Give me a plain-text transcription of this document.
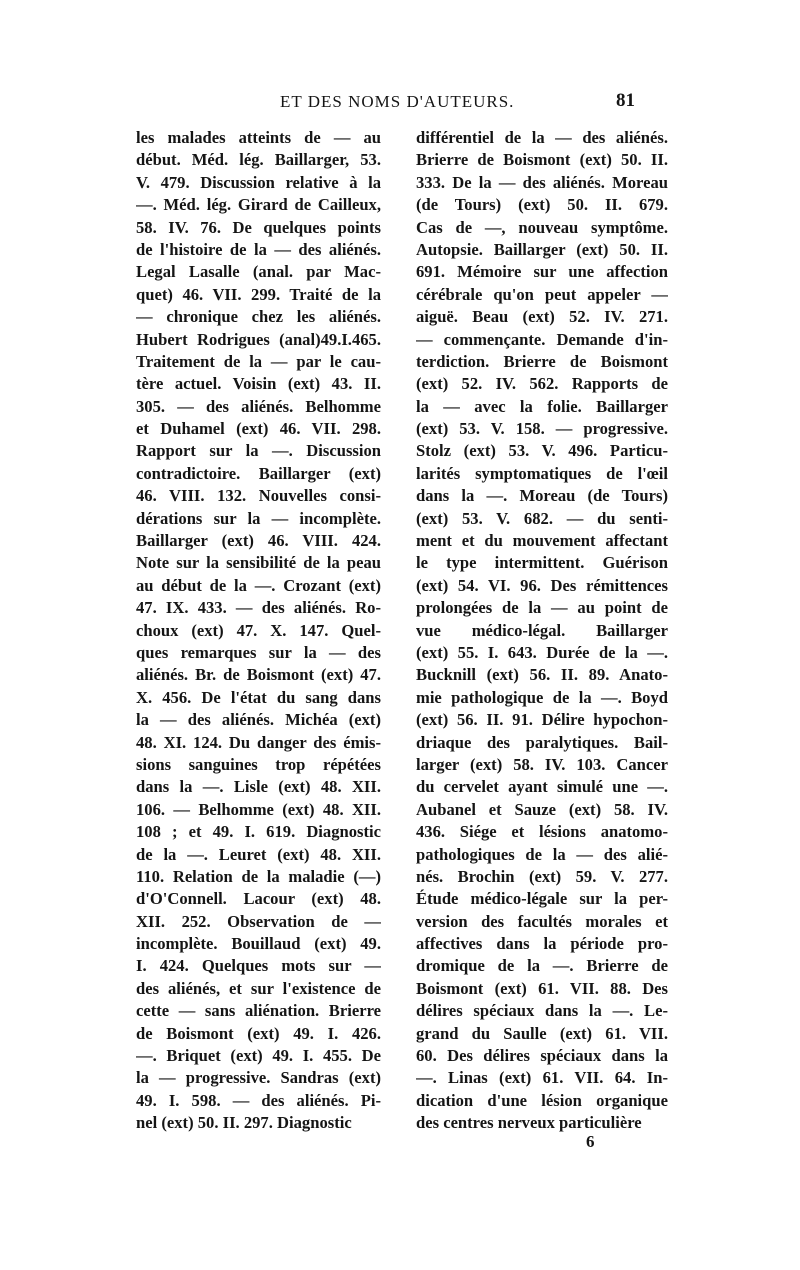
ET DES NOMS D'AUTEURS.	81
les malades atteints de — au
début. Méd. lég. Baillarger, 53.
V. 479. Discussion relative à la
—. Méd. lég. Girard de Cailleux,
58. IV. 76. De quelques points
de l'histoire de la — des aliénés.
Legal Lasalle (anal. par Mac-
quet) 46. VII. 299. Traité de la
— chronique chez les aliénés.
Hubert Rodrigues (anal)49.I.465.
Traitement de la — par le cau-
tère actuel. Voisin (ext) 43. II.
305. — des aliénés. Belhomme
et Duhamel (ext) 46. VII. 298.
Rapport sur la —. Discussion
contradictoire. Baillarger (ext)
46. VIII. 132. Nouvelles consi-
dérations sur la — incomplète.
Baillarger (ext) 46. VIII. 424.
Note sur la sensibilité de la peau
au début de la —. Crozant (ext)
47. IX. 433. — des aliénés. Ro-
choux (ext) 47. X. 147. Quel-
ques remarques sur la — des
aliénés. Br. de Boismont (ext) 47.
X. 456. De l'état du sang dans
la — des aliénés. Michéa (ext)
48. XI. 124. Du danger des émis-
sions sanguines trop répétées
dans la —. Lisle (ext) 48. XII.
106. — Belhomme (ext) 48. XII.
108 ; et 49. I. 619. Diagnostic
de la —. Leuret (ext) 48. XII.
110. Relation de la maladie (—)
d'O'Connell. Lacour (ext) 48.
XII. 252. Observation de —
incomplète. Bouillaud (ext) 49.
I. 424. Quelques mots sur —
des aliénés, et sur l'existence de
cette — sans aliénation. Brierre
de Boismont (ext) 49. I. 426.
—. Briquet (ext) 49. I. 455. De
la — progressive. Sandras (ext)
49. I. 598. — des aliénés. Pi-
nel (ext) 50. II. 297. Diagnostic
différentiel de la — des aliénés.
Brierre de Boismont (ext) 50. II.
333. De la — des aliénés. Moreau
(de Tours) (ext) 50. II. 679.
Cas de —, nouveau symptôme.
Autopsie. Baillarger (ext) 50. II.
691. Mémoire sur une affection
cérébrale qu'on peut appeler —
aiguë. Beau (ext) 52. IV. 271.
— commençante. Demande d'in-
terdiction. Brierre de Boismont
(ext) 52. IV. 562. Rapports de
la — avec la folie. Baillarger
(ext) 53. V. 158. — progressive.
Stolz (ext) 53. V. 496. Particu-
larités symptomatiques de l'œil
dans la —. Moreau (de Tours)
(ext) 53. V. 682. — du senti-
ment et du mouvement affectant
le type intermittent. Guérison
(ext) 54. VI. 96. Des rémittences
prolongées de la — au point de
vue médico-légal. Baillarger
(ext) 55. I. 643. Durée de la —.
Bucknill (ext) 56. II. 89. Anato-
mie pathologique de la —. Boyd
(ext) 56. II. 91. Délire hypochon-
driaque des paralytiques. Bail-
larger (ext) 58. IV. 103. Cancer
du cervelet ayant simulé une —.
Aubanel et Sauze (ext) 58. IV.
436. Siége et lésions anatomo-
pathologiques de la — des alié-
nés. Brochin (ext) 59. V. 277.
Étude médico-légale sur la per-
version des facultés morales et
affectives dans la période pro-
dromique de la —. Brierre de
Boismont (ext) 61. VII. 88. Des
délires spéciaux dans la —. Le-
grand du Saulle (ext) 61. VII.
60. Des délires spéciaux dans la
—. Linas (ext) 61. VII. 64. In-
dication d'une lésion organique
des centres nerveux particulière
6
